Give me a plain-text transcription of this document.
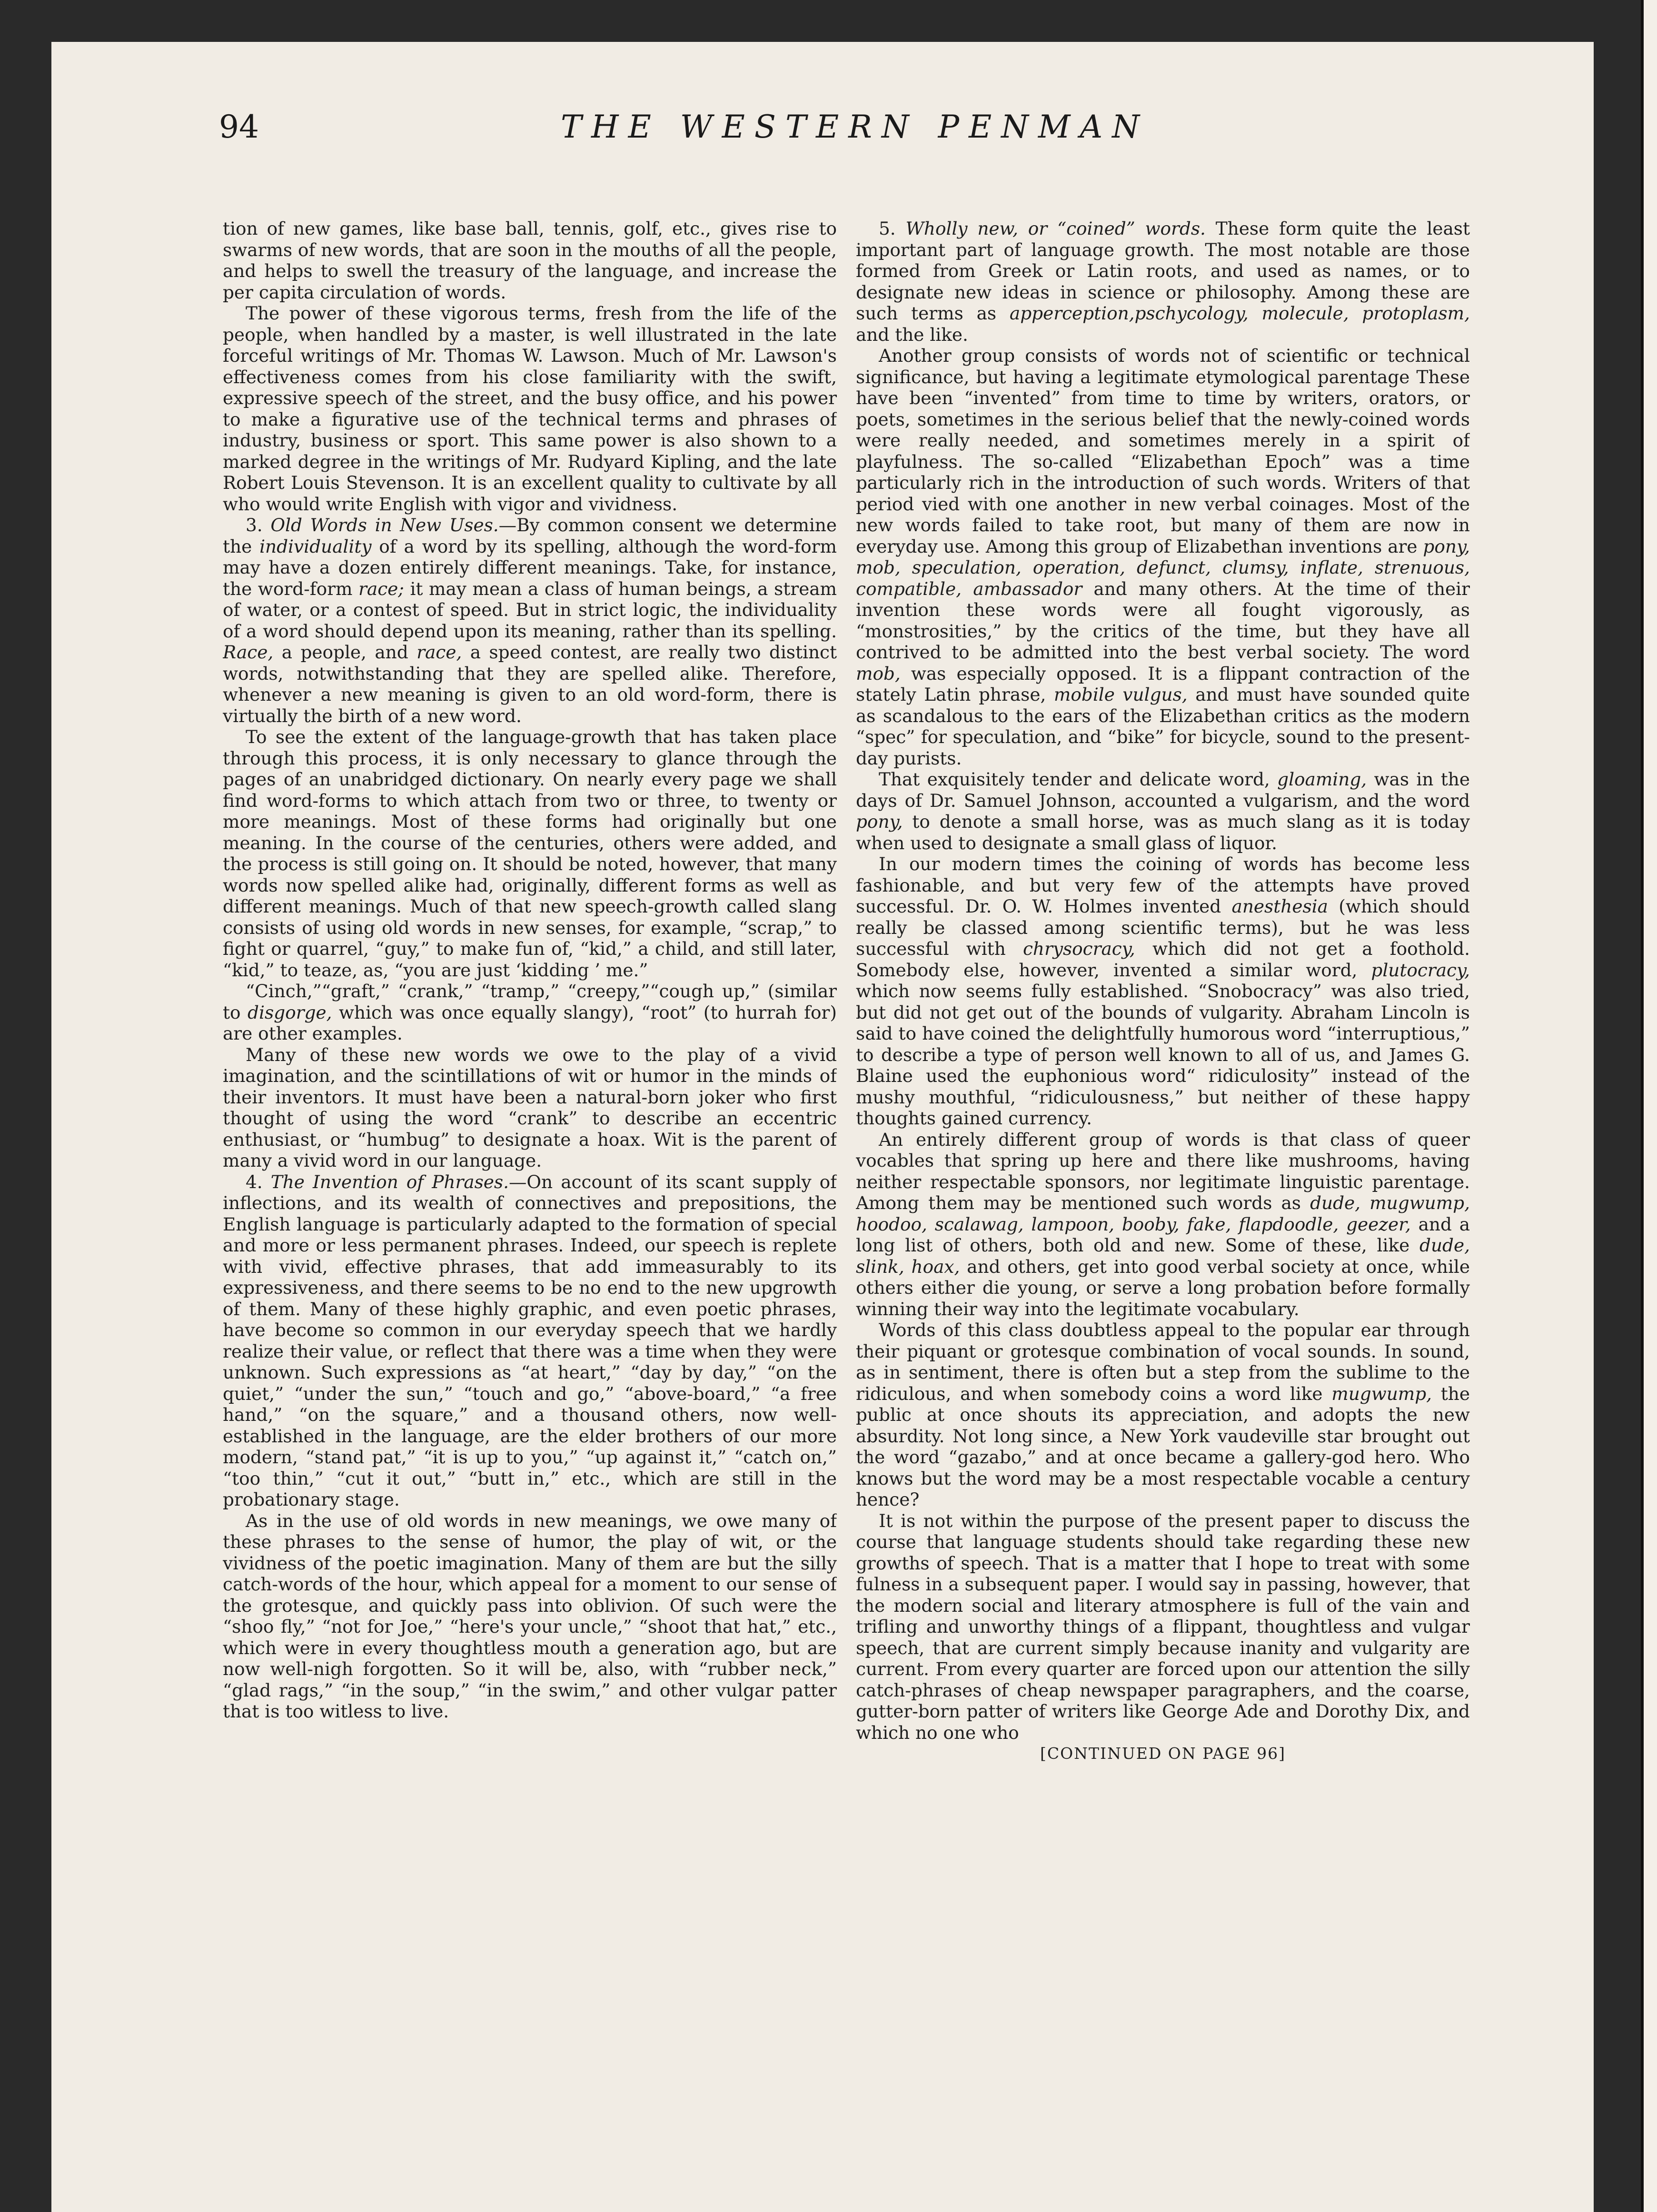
94	THE WESTERN PENMAN

tion of new games, like base ball, tennis, golf, etc., gives rise to swarms of new words, that are soon in the mouths of all the people, and helps to swell the treasury of the language, and increase the per capita circulation of words.

The power of these vigorous terms, fresh from the life of the people, when handled by a master, is well illustrated in the late forceful writings of Mr. Thomas W. Lawson. Much of Mr. Lawson's effectiveness comes from his close familiarity with the swift, expressive speech of the street, and the busy office, and his power to make a figurative use of the technical terms and phrases of industry, business or sport. This same power is also shown to a marked degree in the writings of Mr. Rudyard Kipling, and the late Robert Louis Stevenson. It is an excellent quality to cultivate by all who would write English with vigor and vividness.

3. Old Words in New Uses.—By common consent we determine the individuality of a word by its spelling, although the word-form may have a dozen entirely different meanings. Take, for instance, the word-form race; it may mean a class of human beings, a stream of water, or a contest of speed. But in strict logic, the individuality of a word should depend upon its meaning, rather than its spelling. Race, a people, and race, a speed contest, are really two distinct words, notwithstanding that they are spelled alike. Therefore, whenever a new meaning is given to an old word-form, there is virtually the birth of a new word.

To see the extent of the language-growth that has taken place through this process, it is only necessary to glance through the pages of an unabridged dictionary. On nearly every page we shall find word-forms to which attach from two or three, to twenty or more meanings. Most of these forms had originally but one meaning. In the course of the centuries, others were added, and the process is still going on. It should be noted, however, that many words now spelled alike had, originally, different forms as well as different meanings. Much of that new speech-growth called slang consists of using old words in new senses, for example, “scrap,” to fight or quarrel, “guy,” to make fun of, “kid,” a child, and still later, “kid,” to teaze, as, “you are just ‘kidding ’ me.”

“Cinch,”“graft,” “crank,” “tramp,” “creepy,”“cough up,” (similar to disgorge, which was once equally slangy), “root” (to hurrah for) are other examples.

Many of these new words we owe to the play of a vivid imagination, and the scintillations of wit or humor in the minds of their inventors. It must have been a natural-born joker who first thought of using the word “crank” to describe an eccentric enthusiast, or “humbug” to designate a hoax. Wit is the parent of many a vivid word in our language.

4. The Invention of Phrases.—On account of its scant supply of inflections, and its wealth of connectives and prepositions, the English language is particularly adapted to the formation of special and more or less permanent phrases. Indeed, our speech is replete with vivid, effective phrases, that add immeasurably to its expressiveness, and there seems to be no end to the new upgrowth of them. Many of these highly graphic, and even poetic phrases, have become so common in our everyday speech that we hardly realize their value, or reflect that there was a time when they were unknown. Such expressions as “at heart,” “day by day,” “on the quiet,” “under the sun,” “touch and go,” “above-board,” “a free hand,” “on the square,” and a thousand others, now well-established in the language, are the elder brothers of our more modern, “stand pat,” “it is up to you,” “up against it,” “catch on,” “too thin,” “cut it out,” “butt in,” etc., which are still in the probationary stage.

As in the use of old words in new meanings, we owe many of these phrases to the sense of humor, the play of wit, or the vividness of the poetic imagination. Many of them are but the silly catch-words of the hour, which appeal for a moment to our sense of the grotesque, and quickly pass into oblivion. Of such were the “shoo fly,” “not for Joe,” “here's your uncle,” “shoot that hat,” etc., which were in every thoughtless mouth a generation ago, but are now well-nigh forgotten. So it will be, also, with “rubber neck,” “glad rags,” “in the soup,” “in the swim,” and other vulgar patter that is too witless to live.

5. Wholly new, or “coined” words. These form quite the least important part of language growth. The most notable are those formed from Greek or Latin roots, and used as names, or to designate new ideas in science or philosophy. Among these are such terms as apperception,pschycology, molecule, protoplasm, and the like.

Another group consists of words not of scientific or technical significance, but having a legitimate etymological parentage These have been “invented” from time to time by writers, orators, or poets, sometimes in the serious belief that the newly-coined words were really needed, and sometimes merely in a spirit of playfulness. The so-called “Elizabethan Epoch” was a time particularly rich in the introduction of such words. Writers of that period vied with one another in new verbal coinages. Most of the new words failed to take root, but many of them are now in everyday use. Among this group of Elizabethan inventions are pony, mob, speculation, operation, defunct, clumsy, inflate, strenuous, compatible, ambassador and many others. At the time of their invention these words were all fought vigorously, as “monstrosities,” by the critics of the time, but they have all contrived to be admitted into the best verbal society. The word mob, was especially opposed. It is a flippant contraction of the stately Latin phrase, mobile vulgus, and must have sounded quite as scandalous to the ears of the Elizabethan critics as the modern “spec” for speculation, and “bike” for bicycle, sound to the present-day purists.

That exquisitely tender and delicate word, gloaming, was in the days of Dr. Samuel Johnson, accounted a vulgarism, and the word pony, to denote a small horse, was as much slang as it is today when used to designate a small glass of liquor.

In our modern times the coining of words has become less fashionable, and but very few of the attempts have proved successful. Dr. O. W. Holmes invented anesthesia (which should really be classed among scientific terms), but he was less successful with chrysocracy, which did not get a foothold. Somebody else, however, invented a similar word, plutocracy, which now seems fully established. “Snobocracy” was also tried, but did not get out of the bounds of vulgarity. Abraham Lincoln is said to have coined the delightfully humorous word “interruptious,” to describe a type of person well known to all of us, and James G. Blaine used the euphonious word“ ridiculosity” instead of the mushy mouthful, “ridiculousness,” but neither of these happy thoughts gained currency.

An entirely different group of words is that class of queer vocables that spring up here and there like mushrooms, having neither respectable sponsors, nor legitimate linguistic parentage. Among them may be mentioned such words as dude, mugwump, hoodoo, scalawag, lampoon, booby, fake, flapdoodle, geezer, and a long list of others, both old and new. Some of these, like dude, slink, hoax, and others, get into good verbal society at once, while others either die young, or serve a long probation before formally winning their way into the legitimate vocabulary.

Words of this class doubtless appeal to the popular ear through their piquant or grotesque combination of vocal sounds. In sound, as in sentiment, there is often but a step from the sublime to the ridiculous, and when somebody coins a word like mugwump, the public at once shouts its appreciation, and adopts the new absurdity. Not long since, a New York vaudeville star brought out the word “gazabo,” and at once became a gallery-god hero. Who knows but the word may be a most respectable vocable a century hence?

It is not within the purpose of the present paper to discuss the course that language students should take regarding these new growths of speech. That is a matter that I hope to treat with some fulness in a subsequent paper. I would say in passing, however, that the modern social and literary atmosphere is full of the vain and trifling and unworthy things of a flippant, thoughtless and vulgar speech, that are current simply because inanity and vulgarity are current. From every quarter are forced upon our attention the silly catch-phrases of cheap newspaper paragraphers, and the coarse, gutter-born patter of writers like George Ade and Dorothy Dix, and which no one who

[CONTINUED ON PAGE 96]
